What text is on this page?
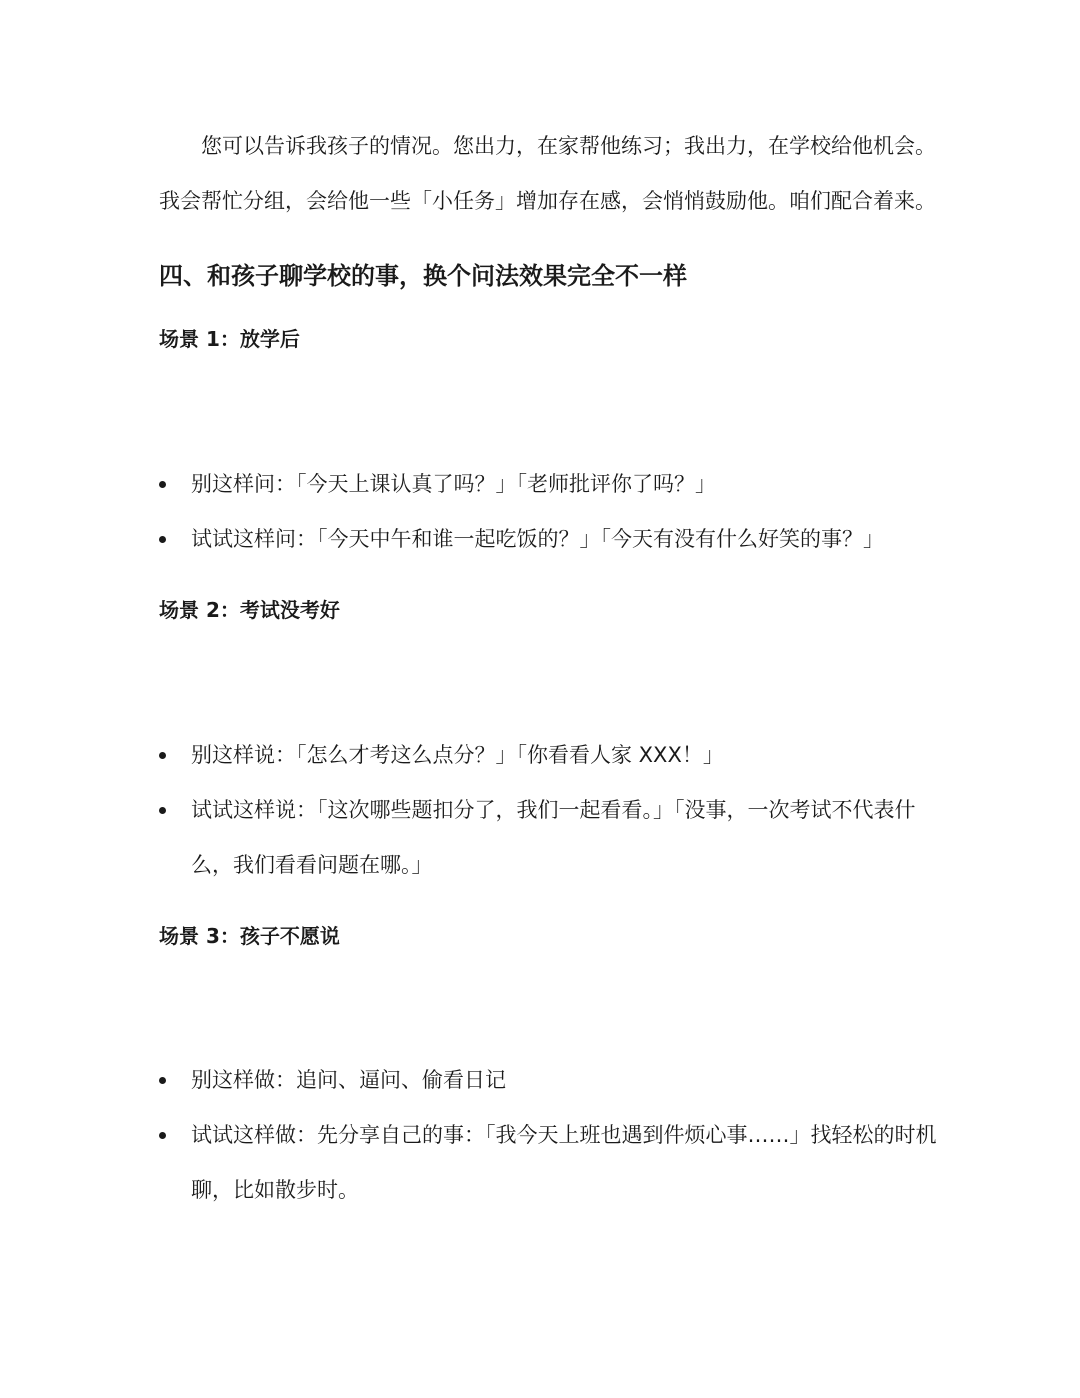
您可以告诉我孩子的情况。您出力，在家帮他练习；我出力，在学校给他机会。我会帮忙分组，会给他一些「小任务」增加存在感，会悄悄鼓励他。咱们配合着来。

四、和孩子聊学校的事，换个问法效果完全不一样
场景 1：放学后
别这样问：「今天上课认真了吗？」「老师批评你了吗？」
试试这样问：「今天中午和谁一起吃饭的？」「今天有没有什么好笑的事？」
场景 2：考试没考好
别这样说：「怎么才考这么点分？」「你看看人家 XXX！」
试试这样说：「这次哪些题扣分了，我们一起看看。」「没事，一次考试不代表什么，我们看看问题在哪。」
场景 3：孩子不愿说
别这样做：追问、逼问、偷看日记
试试这样做：先分享自己的事：「我今天上班也遇到件烦心事……」找轻松的时机聊，比如散步时。
